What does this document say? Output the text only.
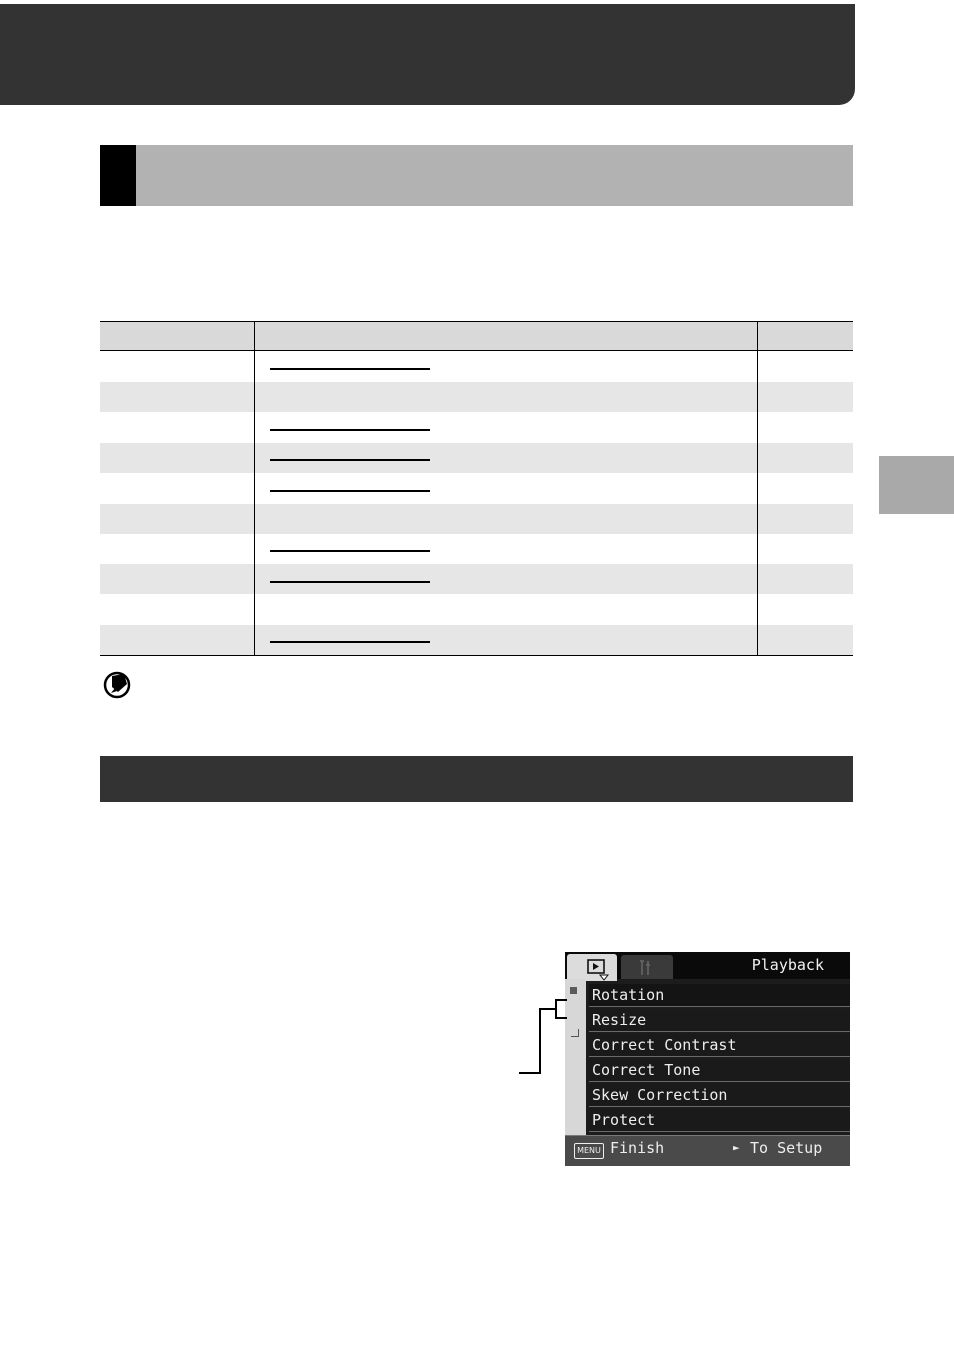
Playback
Rotation
Resize
Correct Contrast
Correct Tone
Skew Correction
Protect
MENU Finish	► To Setup
